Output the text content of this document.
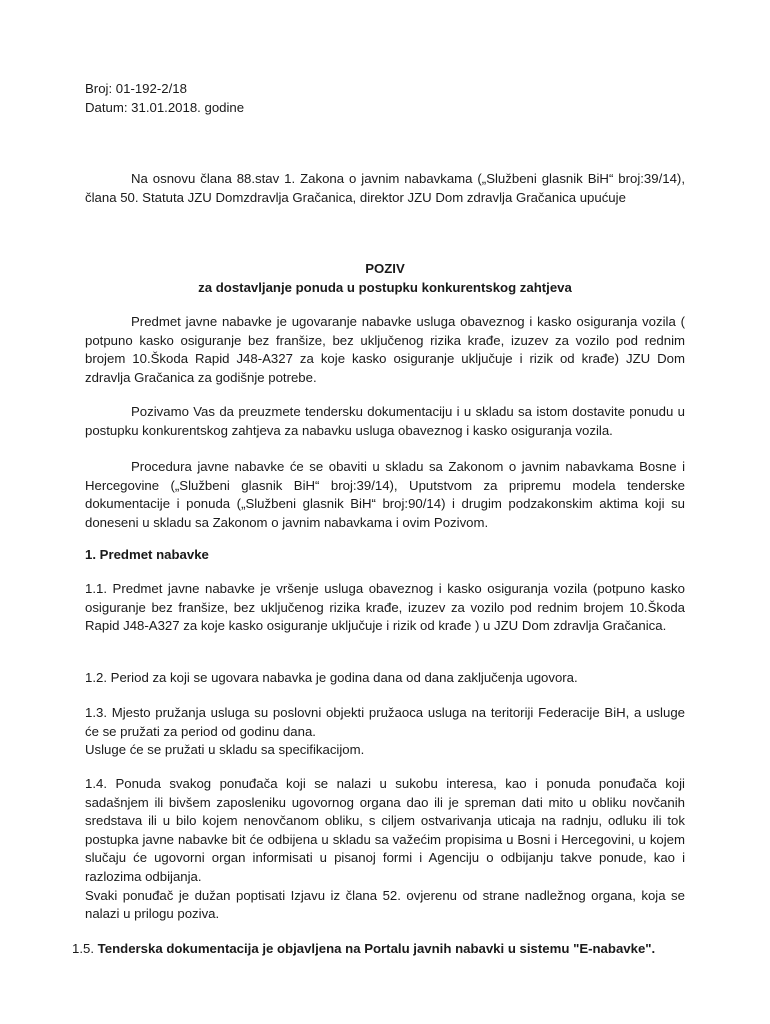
Broj: 01-192-2/18
Datum: 31.01.2018. godine

Na osnovu člana 88.stav 1. Zakona o javnim nabavkama („Službeni glasnik BiH“ broj:39/14), člana 50. Statuta JZU Domzdravlja Gračanica, direktor JZU Dom zdravlja Gračanica upućuje

POZIV
za dostavljanje ponuda u postupku konkurentskog zahtjeva

Predmet javne nabavke je ugovaranje nabavke usluga obaveznog i kasko osiguranja vozila ( potpuno kasko osiguranje bez franšize, bez uključenog rizika krađe, izuzev za vozilo pod rednim brojem 10.Škoda Rapid J48-A327 za koje kasko osiguranje uključuje i rizik od krađe) JZU Dom zdravlja Gračanica za godišnje potrebe.

Pozivamo Vas da preuzmete tendersku dokumentaciju i u skladu sa istom dostavite ponudu u postupku konkurentskog zahtjeva za nabavku usluga obaveznog i kasko osiguranja vozila.

Procedura javne nabavke će se obaviti u skladu sa Zakonom o javnim nabavkama Bosne i Hercegovine („Službeni glasnik BiH“ broj:39/14), Uputstvom za pripremu modela tenderske dokumentacije i ponuda („Službeni glasnik BiH“ broj:90/14) i drugim podzakonskim aktima koji su doneseni u skladu sa Zakonom o javnim nabavkama i ovim Pozivom.

1. Predmet nabavke

1.1. Predmet javne nabavke je vršenje usluga obaveznog i kasko osiguranja vozila (potpuno kasko osiguranje bez franšize, bez uključenog rizika krađe, izuzev za vozilo pod rednim brojem 10.Škoda Rapid J48-A327 za koje kasko osiguranje uključuje i rizik od krađe ) u JZU Dom zdravlja Gračanica.

1.2. Period za koji se ugovara nabavka je godina dana od dana zaključenja ugovora.

1.3. Mjesto pružanja usluga su poslovni objekti pružaoca usluga na teritoriji Federacije BiH, a usluge će se pružati za period od godinu dana.
Usluge će se pružati u skladu sa specifikacijom.
1.4. Ponuda svakog ponuđača koji se nalazi u sukobu interesa, kao i ponuda ponuđača koji sadašnjem ili bivšem zaposleniku ugovornog organa dao ili je spreman dati mito u obliku novčanih sredstava ili u bilo kojem nenovčanom obliku, s ciljem ostvarivanja uticaja na radnju, odluku ili tok postupka javne nabavke bit će odbijena u skladu sa važećim propisima u Bosni i Hercegovini, u kojem slučaju će ugovorni organ informisati u pisanoj formi i Agenciju o odbijanju takve ponude, kao i razlozima odbijanja.
Svaki ponuđač je dužan poptisati Izjavu iz člana 52. ovjerenu od strane nadležnog organa, koja se nalazi u prilogu poziva.
1.5. Tenderska dokumentacija je objavljena na Portalu javnih nabavki u sistemu "E-nabavke".
